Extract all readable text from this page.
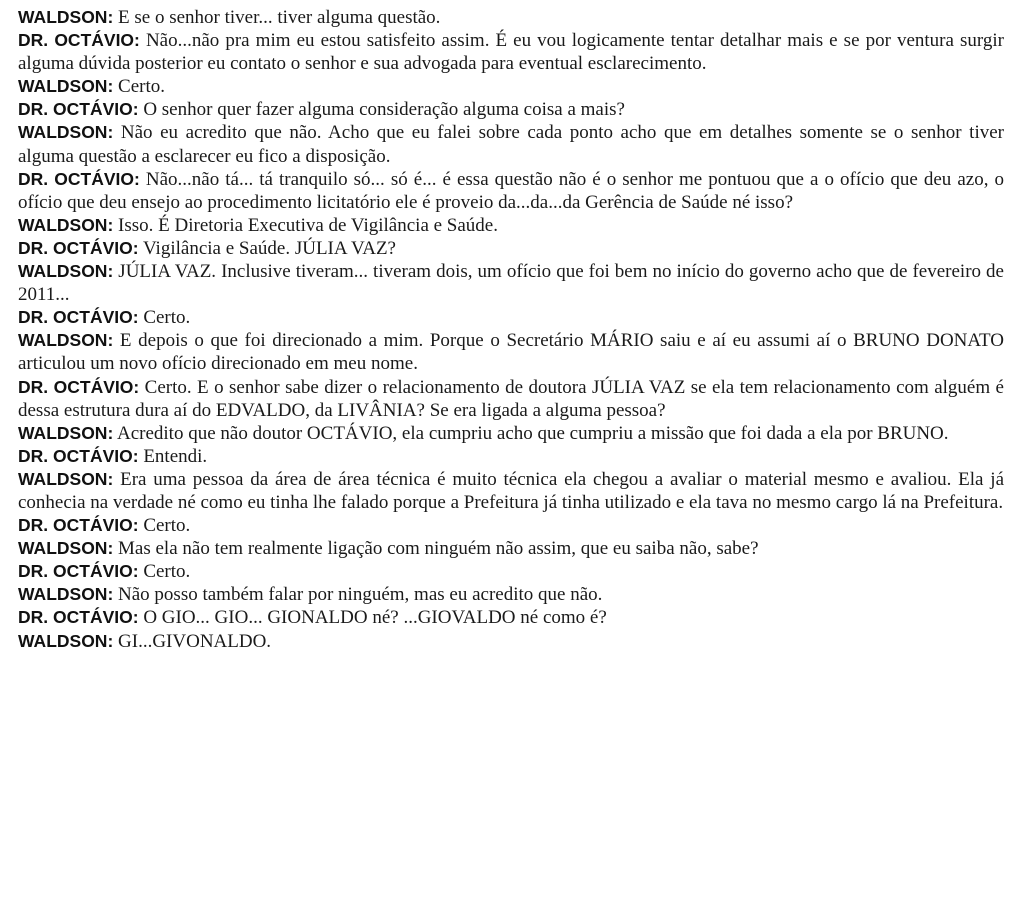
WALDSON: E se o senhor tiver... tiver alguma questão.

DR. OCTÁVIO: Não...não pra mim eu estou satisfeito assim. É eu vou logicamente tentar detalhar mais e se por ventura surgir alguma dúvida posterior eu contato o senhor e sua advogada para eventual esclarecimento.

WALDSON: Certo.

DR. OCTÁVIO: O senhor quer fazer alguma consideração alguma coisa a mais?

WALDSON: Não eu acredito que não. Acho que eu falei sobre cada ponto acho que em detalhes somente se o senhor tiver alguma questão a esclarecer eu fico a disposição.

DR. OCTÁVIO: Não...não tá... tá tranquilo só... só é... é essa questão não é o senhor me pontuou que a o ofício que deu azo, o ofício que deu ensejo ao procedimento licitatório ele é proveio da...da...da Gerência de Saúde né isso?

WALDSON: Isso. É Diretoria Executiva de Vigilância e Saúde.

DR. OCTÁVIO: Vigilância e Saúde. JÚLIA VAZ?

WALDSON: JÚLIA VAZ. Inclusive tiveram... tiveram dois, um ofício que foi bem no início do governo acho que de fevereiro de 2011...

DR. OCTÁVIO: Certo.

WALDSON: E depois o que foi direcionado a mim. Porque o Secretário MÁRIO saiu e aí eu assumi aí o BRUNO DONATO articulou um novo ofício direcionado em meu nome.

DR. OCTÁVIO: Certo. E o senhor sabe dizer o relacionamento de doutora JÚLIA VAZ se ela tem relacionamento com alguém é dessa estrutura dura aí do EDVALDO, da LIVÂNIA? Se era ligada a alguma pessoa?

WALDSON: Acredito que não doutor OCTÁVIO, ela cumpriu acho que cumpriu a missão que foi dada a ela por BRUNO.

DR. OCTÁVIO: Entendi.

WALDSON: Era uma pessoa da área de área técnica é muito técnica ela chegou a avaliar o material mesmo e avaliou. Ela já conhecia na verdade né como eu tinha lhe falado porque a Prefeitura já tinha utilizado e ela tava no mesmo cargo lá na Prefeitura.

DR. OCTÁVIO: Certo.

WALDSON: Mas ela não tem realmente ligação com ninguém não assim, que eu saiba não, sabe?

DR. OCTÁVIO: Certo.

WALDSON: Não posso também falar por ninguém, mas eu acredito que não.

DR. OCTÁVIO: O GIO... GIO... GIONALDO né? ...GIOVALDO né como é?

WALDSON: GI...GIVONALDO.
